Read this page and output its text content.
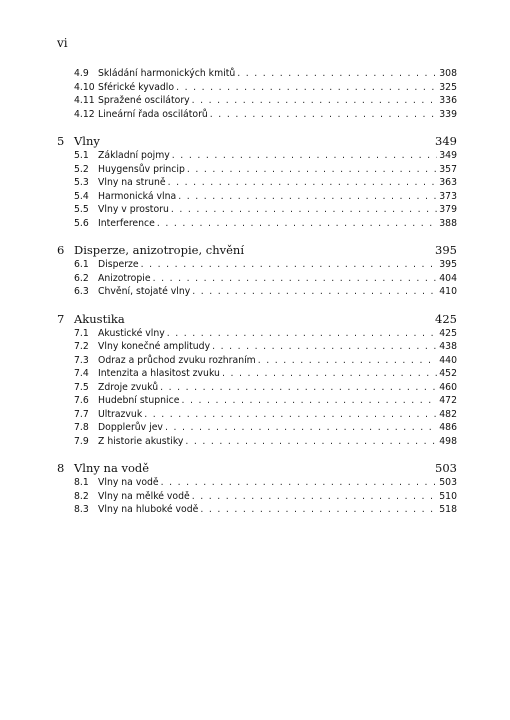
vi
4.9 Skládání harmonických kmitů . . .	308
4.10 Sférické kyvadlo . . .	325
4.11 Spražené oscilátory . . .	336
4.12 Lineární řada oscilátorů . . .	339
5 Vlny	349
5.1 Základní pojmy . . .	349
5.2 Huygensův princip . . .	357
5.3 Vlny na struně . . .	363
5.4 Harmonická vlna . . .	373
5.5 Vlny v prostoru . . .	379
5.6 Interference . . .	388
6 Disperze, anizotropie, chvění	395
6.1 Disperze . . .	395
6.2 Anizotropie . . .	404
6.3 Chvění, stojaté vlny . . .	410
7 Akustika	425
7.1 Akustické vlny . . .	425
7.2 Vlny konečné amplitudy . . .	438
7.3 Odraz a průchod zvuku rozhraním . . .	440
7.4 Intenzita a hlasitost zvuku . . .	452
7.5 Zdroje zvuků . . .	460
7.6 Hudební stupnice . . .	472
7.7 Ultrazvuk . . .	482
7.8 Dopplerův jev . . .	486
7.9 Z historie akustiky . . .	498
8 Vlny na vodě	503
8.1 Vlny na vodě . . .	503
8.2 Vlny na mělké vodě . . .	510
8.3 Vlny na hluboké vodě . . .	518
